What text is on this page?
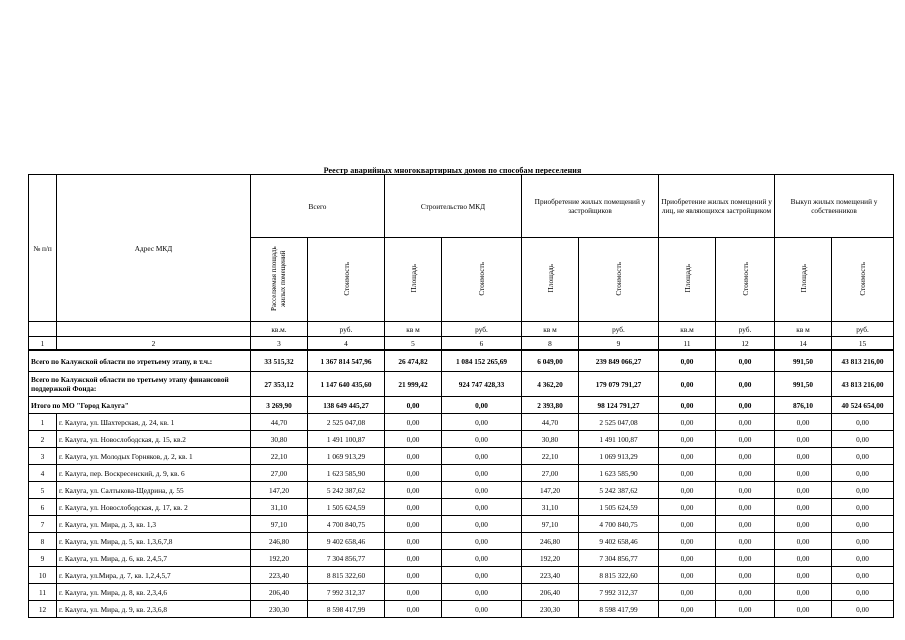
Реестр аварийных многоквартирных домов по способам переселения
№ п/п	Адрес МКД	Всего		Строительство МКД		Приобретение жилых помещений у застройщиков		Приобретение жилых помещений у лиц, не являющихся застройщиком		Выкуп жилых помещений у собственников	
		Расселяемая площадь жилых помещений	Стоимость	Площадь	Стоимость	Площадь	Стоимость	Площадь	Стоимость	Площадь	Стоимость
		кв.м.	руб.	кв м	руб.	кв м	руб.	кв.м	руб.	кв м	руб.
1	2	3	4	5	6	8	9	11	12	14	15
Всего по Калужской области по этретьему этапу, в т.ч.:		33 515,32	1 367 814 547,96	26 474,82	1 084 152 265,69	6 049,00	239 849 066,27	0,00	0,00	991,50	43 813 216,00
Всего по Калужской области по третьему этапу финансовой поддержкой Фонда:		27 353,12	1 147 640 435,60	21 999,42	924 747 428,33	4 362,20	179 079 791,27	0,00	0,00	991,50	43 813 216,00
Итого по МО "Город Калуга"		3 269,90	138 649 445,27	0,00	0,00	2 393,80	98 124 791,27	0,00	0,00	876,10	40 524 654,00
1	г. Калуга, ул. Шахтерская, д. 24, кв. 1	44,70	2 525 047,08	0,00	0,00	44,70	2 525 047,08	0,00	0,00	0,00	0,00
2	г. Калуга, ул. Новослободская, д. 15, кв.2	30,80	1 491 100,87	0,00	0,00	30,80	1 491 100,87	0,00	0,00	0,00	0,00
3	г. Калуга, ул. Молодых Горняков, д. 2, кв. 1	22,10	1 069 913,29	0,00	0,00	22,10	1 069 913,29	0,00	0,00	0,00	0,00
4	г. Калуга, пер. Воскресенский, д. 9, кв. 6	27,00	1 623 585,90	0,00	0,00	27,00	1 623 585,90	0,00	0,00	0,00	0,00
5	г. Калуга, ул. Салтыкова-Щедрина, д. 55	147,20	5 242 387,62	0,00	0,00	147,20	5 242 387,62	0,00	0,00	0,00	0,00
6	г. Калуга, ул. Новослободская, д. 17, кв. 2	31,10	1 505 624,59	0,00	0,00	31,10	1 505 624,59	0,00	0,00	0,00	0,00
7	г. Калуга, ул. Мира, д. 3, кв. 1,3	97,10	4 700 840,75	0,00	0,00	97,10	4 700 840,75	0,00	0,00	0,00	0,00
8	г. Калуга, ул. Мира, д. 5, кв. 1,3,6,7,8	246,80	9 402 658,46	0,00	0,00	246,80	9 402 658,46	0,00	0,00	0,00	0,00
9	г. Калуга, ул. Мира, д. 6, кв. 2,4,5,7	192,20	7 304 856,77	0,00	0,00	192,20	7 304 856,77	0,00	0,00	0,00	0,00
10	г. Калуга, ул.Мира, д. 7, кв. 1,2,4,5,7	223,40	8 815 322,60	0,00	0,00	223,40	8 815 322,60	0,00	0,00	0,00	0,00
11	г. Калуга, ул. Мира, д. 8, кв. 2,3,4,6	206,40	7 992 312,37	0,00	0,00	206,40	7 992 312,37	0,00	0,00	0,00	0,00
12	г. Калуга, ул. Мира, д. 9, кв. 2,3,6,8	230,30	8 598 417,99	0,00	0,00	230,30	8 598 417,99	0,00	0,00	0,00	0,00
